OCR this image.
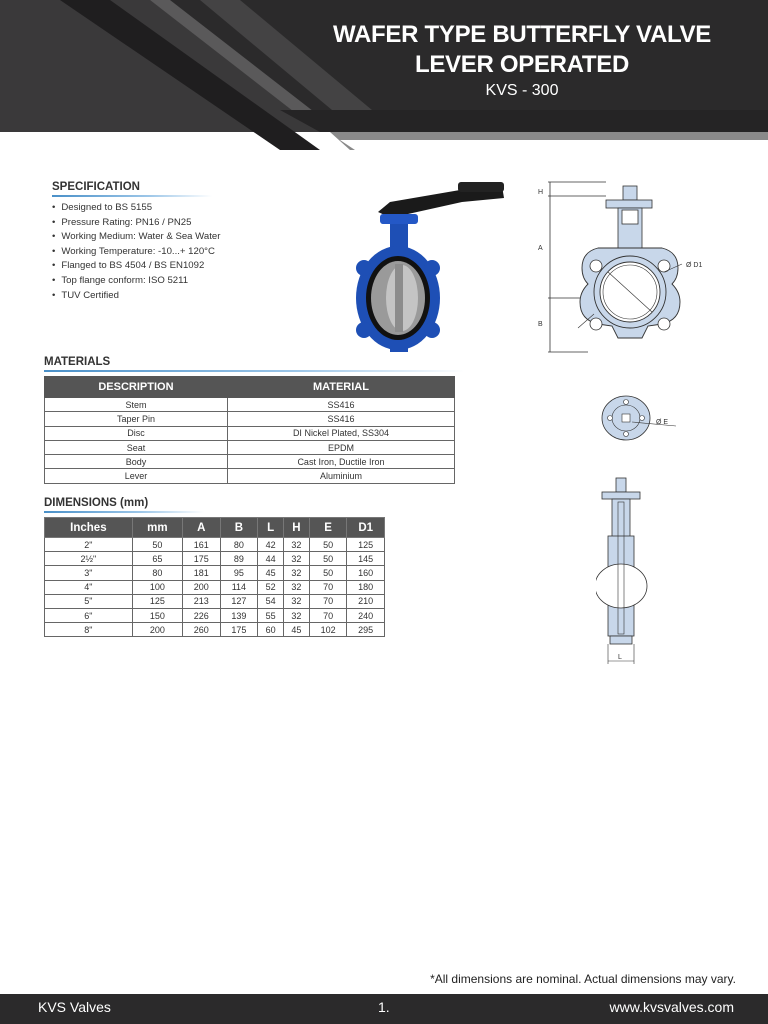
WAFER TYPE BUTTERFLY VALVE
LEVER OPERATED
KVS - 300
SPECIFICATION
• Designed to BS 5155
• Pressure Rating: PN16 / PN25
• Working Medium: Water & Sea Water
• Working Temperature: -10...+ 120°C
• Flanged to BS 4504 / BS EN1092
• Top flange conform: ISO 5211
• TUV Certified
H
A
B
Ø D1
Ø E
L
MATERIALS
DESCRIPTION	MATERIAL
Stem	SS416
Taper Pin	SS416
Disc	DI Nickel Plated, SS304
Seat	EPDM
Body	Cast Iron, Ductile Iron
Lever	Aluminium
DIMENSIONS (mm)
Inches	mm	A	B	L	H	E	D1
2"	50	161	80	42	32	50	125
2½"	65	175	89	44	32	50	145
3"	80	181	95	45	32	50	160
4"	100	200	114	52	32	70	180
5"	125	213	127	54	32	70	210
6"	150	226	139	55	32	70	240
8"	200	260	175	60	45	102	295
*All dimensions are nominal. Actual dimensions may vary.
KVS Valves	1.	www.kvsvalves.com
